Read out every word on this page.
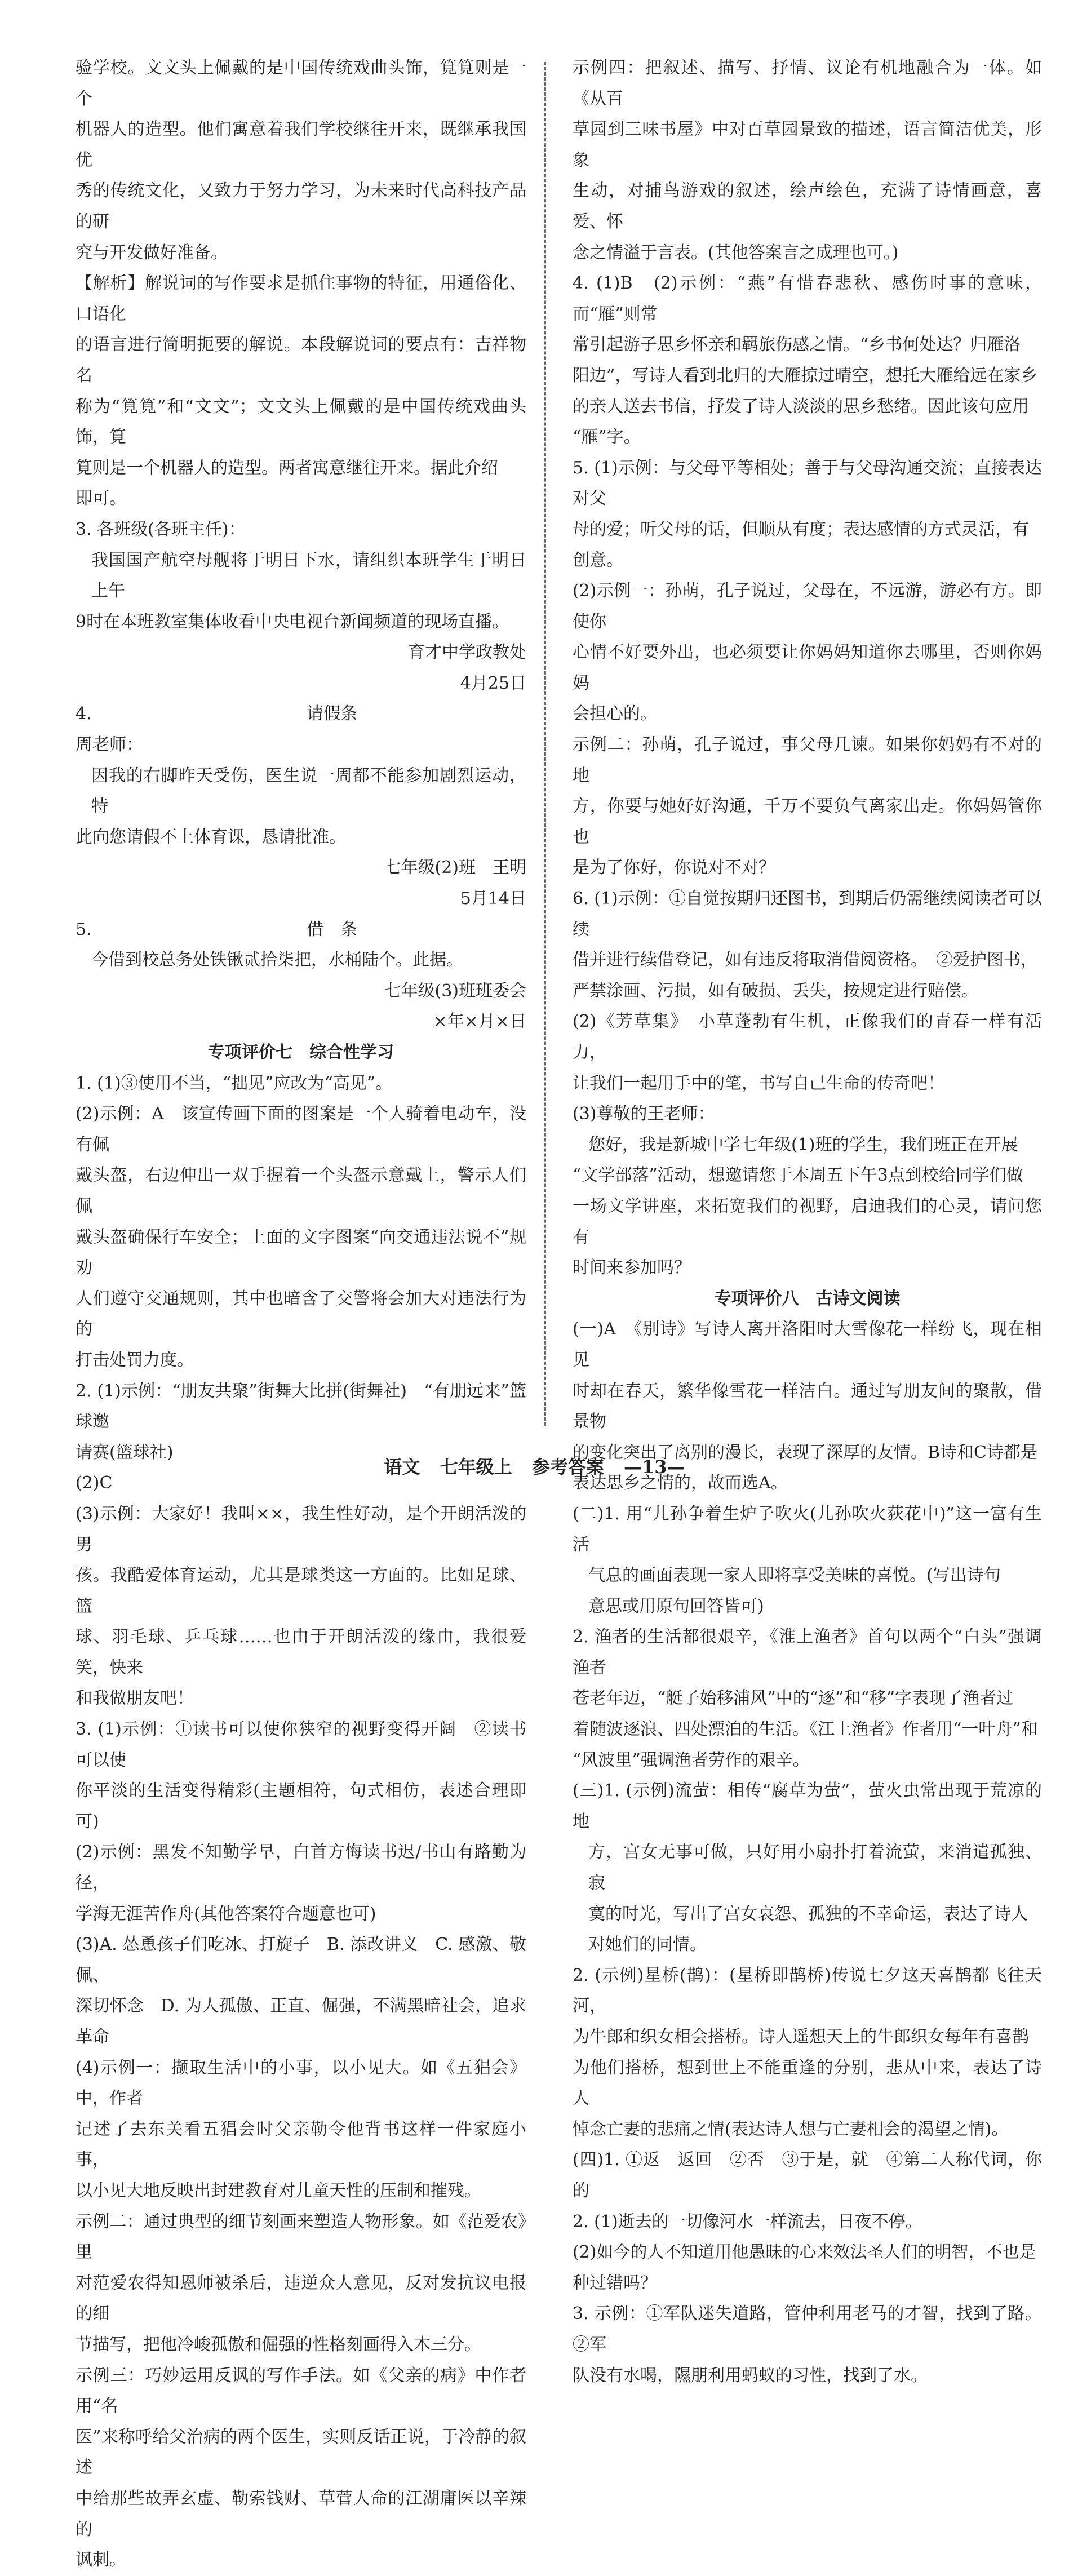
验学校。文文头上佩戴的是中国传统戏曲头饰，筧筧则是一个

机器人的造型。他们寓意着我们学校继往开来，既继承我国优

秀的传统文化，又致力于努力学习，为未来时代高科技产品的研

究与开发做好准备。

【解析】解说词的写作要求是抓住事物的特征，用通俗化、口语化

的语言进行简明扼要的解说。本段解说词的要点有：吉祥物名

称为“筧筧”和“文文”；文文头上佩戴的是中国传统戏曲头饰，筧

筧则是一个机器人的造型。两者寓意继往开来。据此介绍

即可。

3. 各班级(各班主任)：

我国国产航空母舰将于明日下水，请组织本班学生于明日上午

9时在本班教室集体收看中央电视台新闻频道的现场直播。

育才中学政教处

4月25日

4.                                        请假条

周老师：

因我的右脚昨天受伤，医生说一周都不能参加剧烈运动，特

此向您请假不上体育课，恳请批准。

七年级(2)班　王明

5月14日

5.                                        借　条

今借到校总务处铁锹贰拾柒把，水桶陆个。此据。

七年级(3)班班委会

×年×月×日

专项评价七　综合性学习

1. (1)③使用不当，“拙见”应改为“高见”。

(2)示例：A　该宣传画下面的图案是一个人骑着电动车，没有佩

戴头盔，右边伸出一双手握着一个头盔示意戴上，警示人们佩

戴头盔确保行车安全；上面的文字图案“向交通违法说不”规劝

人们遵守交通规则，其中也暗含了交警将会加大对违法行为的

打击处罚力度。

2. (1)示例：“朋友共聚”街舞大比拼(街舞社)　“有朋远来”篮球邀

请赛(篮球社)

(2)C

(3)示例：大家好！我叫××，我生性好动，是个开朗活泼的男

孩。我酷爱体育运动，尤其是球类这一方面的。比如足球、篮

球、羽毛球、乒乓球……也由于开朗活泼的缘由，我很爱笑，快来

和我做朋友吧！

3. (1)示例：①读书可以使你狭窄的视野变得开阔　②读书可以使

你平淡的生活变得精彩(主题相符，句式相仿，表述合理即可)

(2)示例：黑发不知勤学早，白首方悔读书迟/书山有路勤为径，

学海无涯苦作舟(其他答案符合题意也可)

(3)A. 怂恿孩子们吃冰、打旋子　B. 添改讲义　C. 感激、敬佩、

深切怀念　D. 为人孤傲、正直、倔强，不满黑暗社会，追求革命

(4)示例一：撷取生活中的小事，以小见大。如《五猖会》中，作者

记述了去东关看五猖会时父亲勒令他背书这样一件家庭小事，

以小见大地反映出封建教育对儿童天性的压制和摧残。

示例二：通过典型的细节刻画来塑造人物形象。如《范爱农》里

对范爱农得知恩师被杀后，违逆众人意见，反对发抗议电报的细

节描写，把他冷峻孤傲和倔强的性格刻画得入木三分。

示例三：巧妙运用反讽的写作手法。如《父亲的病》中作者用“名

医”来称呼给父治病的两个医生，实则反话正说，于冷静的叙述

中给那些故弄玄虚、勒索钱财、草菅人命的江湖庸医以辛辣的

讽刺。

示例四：把叙述、描写、抒情、议论有机地融合为一体。如《从百

草园到三味书屋》中对百草园景致的描述，语言简洁优美，形象

生动，对捕鸟游戏的叙述，绘声绘色，充满了诗情画意，喜爱、怀

念之情溢于言表。(其他答案言之成理也可。)

4. (1)B　(2)示例：“燕”有惜春悲秋、感伤时事的意味，而“雁”则常

常引起游子思乡怀亲和羁旅伤感之情。“乡书何处达？归雁洛

阳边”，写诗人看到北归的大雁掠过晴空，想托大雁给远在家乡

的亲人送去书信，抒发了诗人淡淡的思乡愁绪。因此该句应用

“雁”字。

5. (1)示例：与父母平等相处；善于与父母沟通交流；直接表达对父

母的爱；听父母的话，但顺从有度；表达感情的方式灵活，有

创意。

(2)示例一：孙萌，孔子说过，父母在，不远游，游必有方。即使你

心情不好要外出，也必须要让你妈妈知道你去哪里，否则你妈妈

会担心的。

示例二：孙萌，孔子说过，事父母几谏。如果你妈妈有不对的地

方，你要与她好好沟通，千万不要负气离家出走。你妈妈管你也

是为了你好，你说对不对？

6. (1)示例：①自觉按期归还图书，到期后仍需继续阅读者可以续

借并进行续借登记，如有违反将取消借阅资格。　②爱护图书，

严禁涂画、污损，如有破损、丢失，按规定进行赔偿。

(2)《芳草集》　小草蓬勃有生机，正像我们的青春一样有活力，

让我们一起用手中的笔，书写自己生命的传奇吧！

(3)尊敬的王老师：

您好，我是新城中学七年级(1)班的学生，我们班正在开展

“文学部落”活动，想邀请您于本周五下午3点到校给同学们做

一场文学讲座，来拓宽我们的视野，启迪我们的心灵，请问您有

时间来参加吗？

专项评价八　古诗文阅读

(一)A　《别诗》写诗人离开洛阳时大雪像花一样纷飞，现在相见

时却在春天，繁华像雪花一样洁白。通过写朋友间的聚散，借景物

的变化突出了离别的漫长，表现了深厚的友情。B诗和C诗都是

表达思乡之情的，故而选A。

(二)1. 用“儿孙争着生炉子吹火(儿孙吹火荻花中)”这一富有生活

气息的画面表现一家人即将享受美味的喜悦。(写出诗句

意思或用原句回答皆可)

2. 渔者的生活都很艰辛，《淮上渔者》首句以两个“白头”强调渔者

苍老年迈，“艇子始移浦风”中的“逐”和“移”字表现了渔者过

着随波逐浪、四处漂泊的生活。《江上渔者》作者用“一叶舟”和

“风波里”强调渔者劳作的艰辛。

(三)1. (示例)流萤：相传“腐草为萤”，萤火虫常出现于荒凉的地

方，宫女无事可做，只好用小扇扑打着流萤，来消遣孤独、寂

寞的时光，写出了宫女哀怨、孤独的不幸命运，表达了诗人

对她们的同情。

2. (示例)星桥(鹊)：(星桥即鹊桥)传说七夕这天喜鹊都飞往天河，

为牛郎和织女相会搭桥。诗人遥想天上的牛郎织女每年有喜鹊

为他们搭桥，想到世上不能重逢的分别，悲从中来，表达了诗人

悼念亡妻的悲痛之情(表达诗人想与亡妻相会的渴望之情)。

(四)1. ①返　返回　②否　③于是，就　④第二人称代词，你的

2. (1)逝去的一切像河水一样流去，日夜不停。

(2)如今的人不知道用他愚昧的心来效法圣人们的明智，不也是

种过错吗？

3. 示例：①军队迷失道路，管仲利用老马的才智，找到了路。②军

队没有水喝，隰朋利用蚂蚁的习性，找到了水。

语文 七年级上 参考答案 —13—
